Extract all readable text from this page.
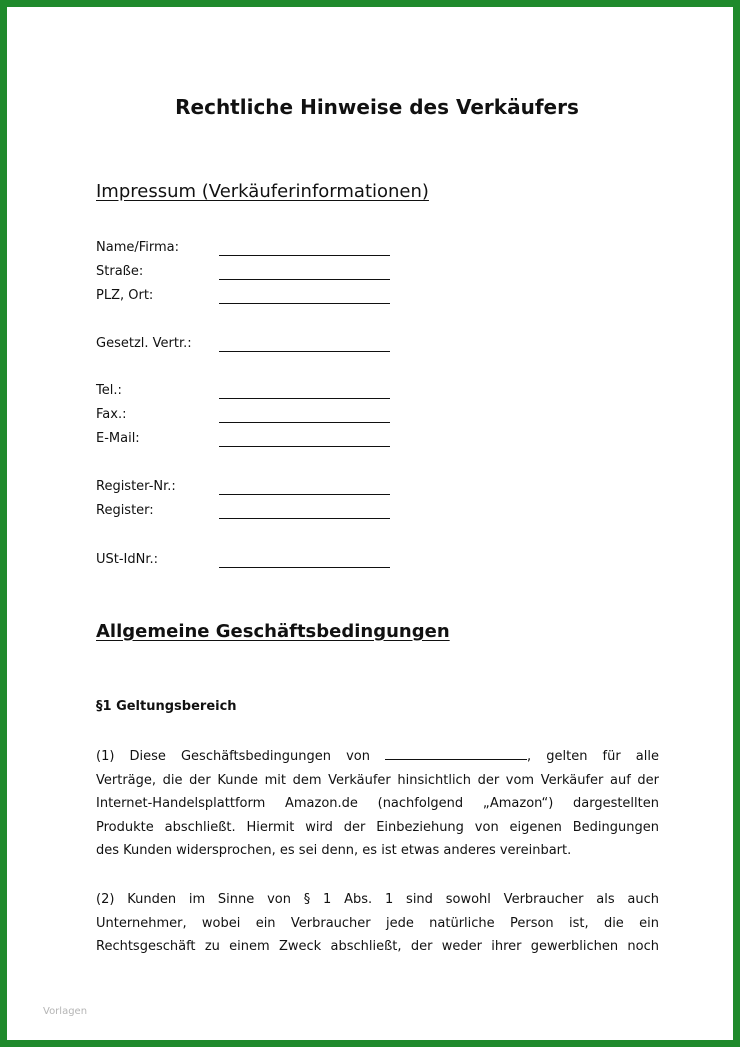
Rechtliche Hinweise des Verkäufers
Impressum (Verkäuferinformationen)
Name/Firma:
Straße:
PLZ, Ort:
Gesetzl. Vertr.:
Tel.:
Fax.:
E-Mail:
Register-Nr.:
Register:
USt-IdNr.:
Allgemeine Geschäftsbedingungen
§1 Geltungsbereich
(1) Diese Geschäftsbedingungen von	, gelten für alle
Verträge, die der Kunde mit dem Verkäufer hinsichtlich der vom Verkäufer auf der
Internet-Handelsplattform Amazon.de (nachfolgend „Amazon“) dargestellten
Produkte abschließt. Hiermit wird der Einbeziehung von eigenen Bedingungen
des Kunden widersprochen, es sei denn, es ist etwas anderes vereinbart.
(2) Kunden im Sinne von § 1 Abs. 1 sind sowohl Verbraucher als auch
Unternehmer, wobei ein Verbraucher jede natürliche Person ist, die ein
Rechtsgeschäft zu einem Zweck abschließt, der weder ihrer gewerblichen noch
Vorlagen
